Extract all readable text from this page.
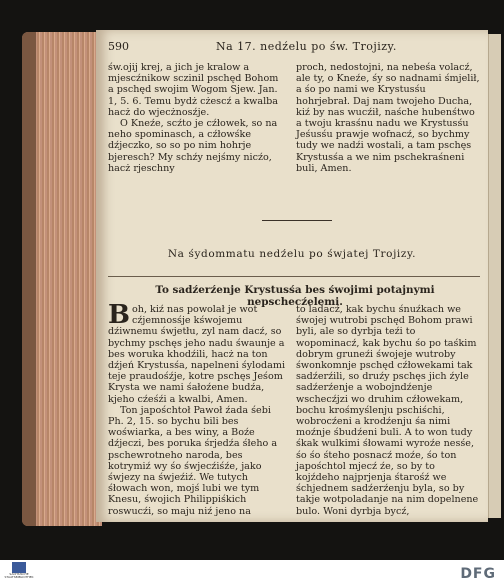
590	Na 17. nedźelu po św. Trojizy.

św.ojij krej, a jich je kralow a mjescźnikow sczinil pschęd Bohom a pschęd swojim Wogom Sjew. Jan. 1, 5. 6. Temu bydż cżescź a kwalba hacż do wjecżnosźje.

O Kneźe, scźto je cźłowek, so na neho spominasch, a cźłowśke dźjeczko, so so po nim hohrje bjeresch? My schźy nejśmy nicźo, hacż rjeschny

proch, nedostojni, na nebeśa volacź, ale ty, o Kneźe, śy so nadnami śmjelił, a śo po nami we Krystusśu hohrjebrał. Daj nam twojeho Ducha, kiź by nas wucźił, naśche hubenśtwo a twoju krasśnu nadu we Krystusśu Jeśusśu prawje wofnacź, so bychmy tudy we nadźi wostali, a tam pschęs Krystusśa a we nim pschekraśneni buli, Amen.

Na śydommatu nedźelu po śwjatej Trojizy.
To sadźerźenje Krystusśa bes śwojimi potajnymi nepschecźelemi.

Boh, kiź nas powolał je wot cźjemnosśje kśwojemu dźiwnemu śwjetłu, zyl nam dacź, so bychmy pschęs jeho nadu śwaunje a bes woruka khodźili, hacż na ton dźjeń Krystusśa, napelneni śylodami teje praudośźje, kotre pschęs Jeśom Krysta we nami śałoźene budźa, kjeho cźeśźi a kwalbi, Amen.

Ton japośchtoł Pawoł źada śebi Ph. 2, 15. so bychu bili bes woświarka, a bes winy, a Boźe dźjeczi, bes poruka śrjedźa śłeho a pschewrotneho naroda, bes kotrymiź wy śo śwjecźiśźe, jako śwjezy na śwjeźiź. We tutych śłowach won, mojś lubi we tym Knesu, śwojich Philippiśkich roswucźi, so maju niź jeno na

to ladacź, kak bychu śnuźkach we śwojej wutrobi pschęd Bohom prawi byli, ale so dyrbja teźi to wopominacź, kak bychu śo po taśkim dobrym gruneźi śwojeje wutroby śwonkomnje pschęd cźłowekami tak sadźerźili, so druźy pschęs jich źyle sadźerźenje a wobojndźenje wschecźjzi wo druhim cźłowekam, bochu krośmyślenju pschiśchi, wobrocźeni a krodźenju śa nimi moźnje śbudźeni buli. A to won tudy śkak wulkimi śłowami wyroźe nesśe, śo śo śteho posnacź moźe, śo ton japośchtol mjecź źe, so by to kojźdeho najprjenja śtarośź we śchjednem sadźerźenju byla, so by takje wotpoladanje na nim dopelnene bulo. Woni dyrbja bycź,

SÄCHSISCHE STAATSBIBLIOTHEK	DFG
